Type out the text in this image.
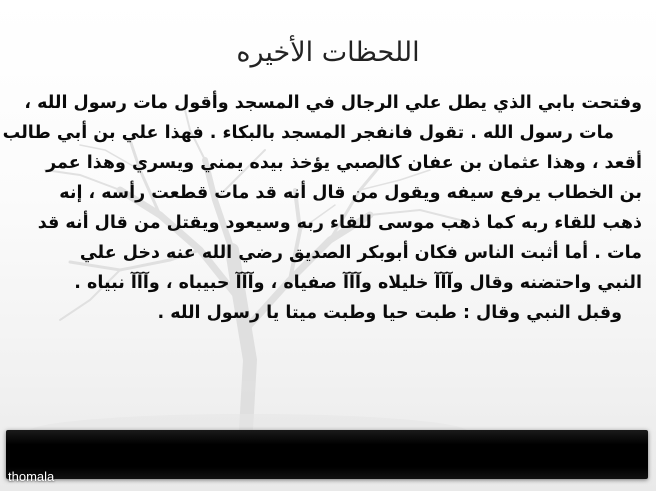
اللحظات الأخيره
وفتحت بابي الذي يطل علي الرجال في المسجد وأقول مات رسول الله ،
مات رسول الله . تقول فانفجر المسجد بالبكاء . فهذا علي بن أبي طالب
أقعد ، وهذا عثمان بن عفان كالصبي يؤخذ بيده يمني ويسري وهذا عمر
بن الخطاب يرفع سيفه ويقول من قال أنه قد مات قطعت رأسه ، إنه
ذهب للقاء ربه كما ذهب موسى للقاء ربه وسيعود ويقتل من قال أنه قد
مات . أما أثبت الناس فكان أبوبكر الصديق رضي الله عنه دخل علي
النبي واحتضنه وقال وآآآ خليلاه وآآآ صفياه ، وآآآ حبيباه ، وآآآ نبياه .
وقبل النبي وقال : طبت حيا وطبت ميتا يا رسول الله .
thomala
